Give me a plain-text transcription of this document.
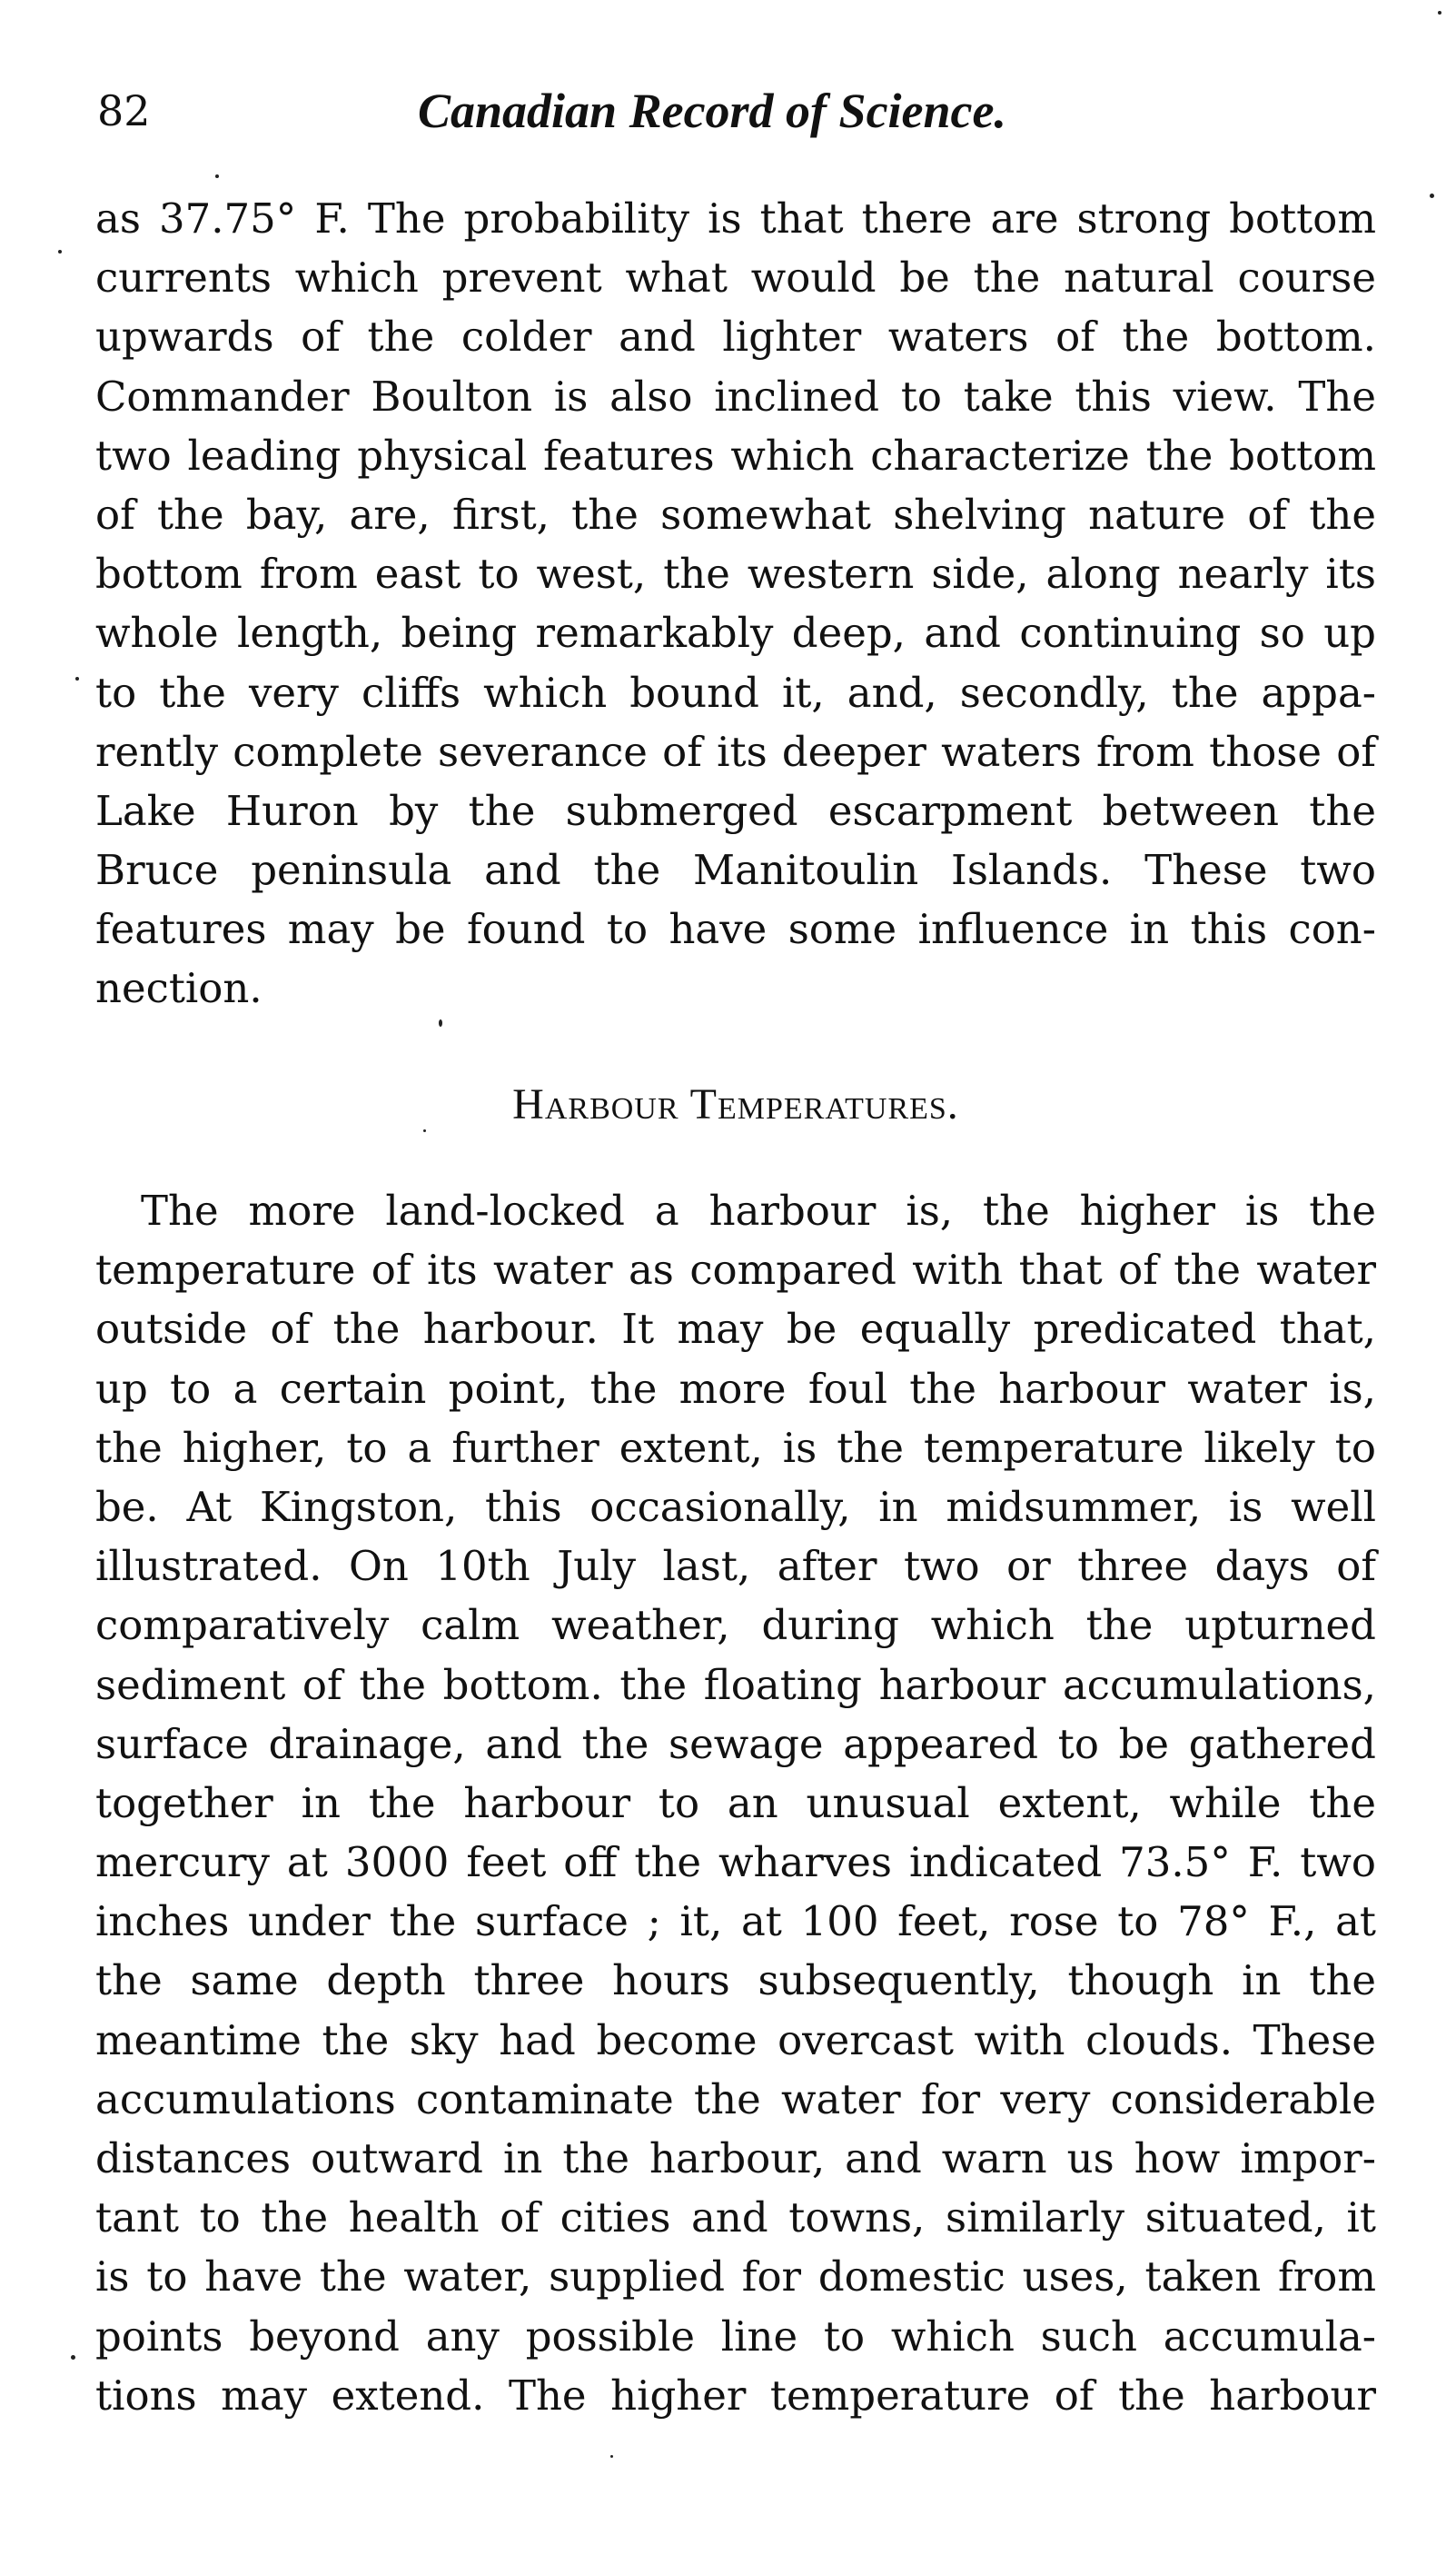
82	Canadian Record of Science.
as 37.75° F. The probability is that there are strong bottom
currents which prevent what would be the natural course
upwards of the colder and lighter waters of the bottom.
Commander Boulton is also inclined to take this view. The
two leading physical features which characterize the bottom
of the bay, are, first, the somewhat shelving nature of the
bottom from east to west, the western side, along nearly its
whole length, being remarkably deep, and continuing so up
to the very cliffs which bound it, and, secondly, the appa-
rently complete severance of its deeper waters from those of
Lake Huron by the submerged escarpment between the
Bruce peninsula and the Manitoulin Islands. These two
features may be found to have some influence in this con-
nection.
Harbour Temperatures.
The more land-locked a harbour is, the higher is the
temperature of its water as compared with that of the water
outside of the harbour. It may be equally predicated that,
up to a certain point, the more foul the harbour water is,
the higher, to a further extent, is the temperature likely to
be. At Kingston, this occasionally, in midsummer, is well
illustrated. On 10th July last, after two or three days of
comparatively calm weather, during which the upturned
sediment of the bottom. the floating harbour accumulations,
surface drainage, and the sewage appeared to be gathered
together in the harbour to an unusual extent, while the
mercury at 3000 feet off the wharves indicated 73.5° F. two
inches under the surface ; it, at 100 feet, rose to 78° F., at
the same depth three hours subsequently, though in the
meantime the sky had become overcast with clouds. These
accumulations contaminate the water for very considerable
distances outward in the harbour, and warn us how impor-
tant to the health of cities and towns, similarly situated, it
is to have the water, supplied for domestic uses, taken from
points beyond any possible line to which such accumula-
tions may extend. The higher temperature of the harbour
